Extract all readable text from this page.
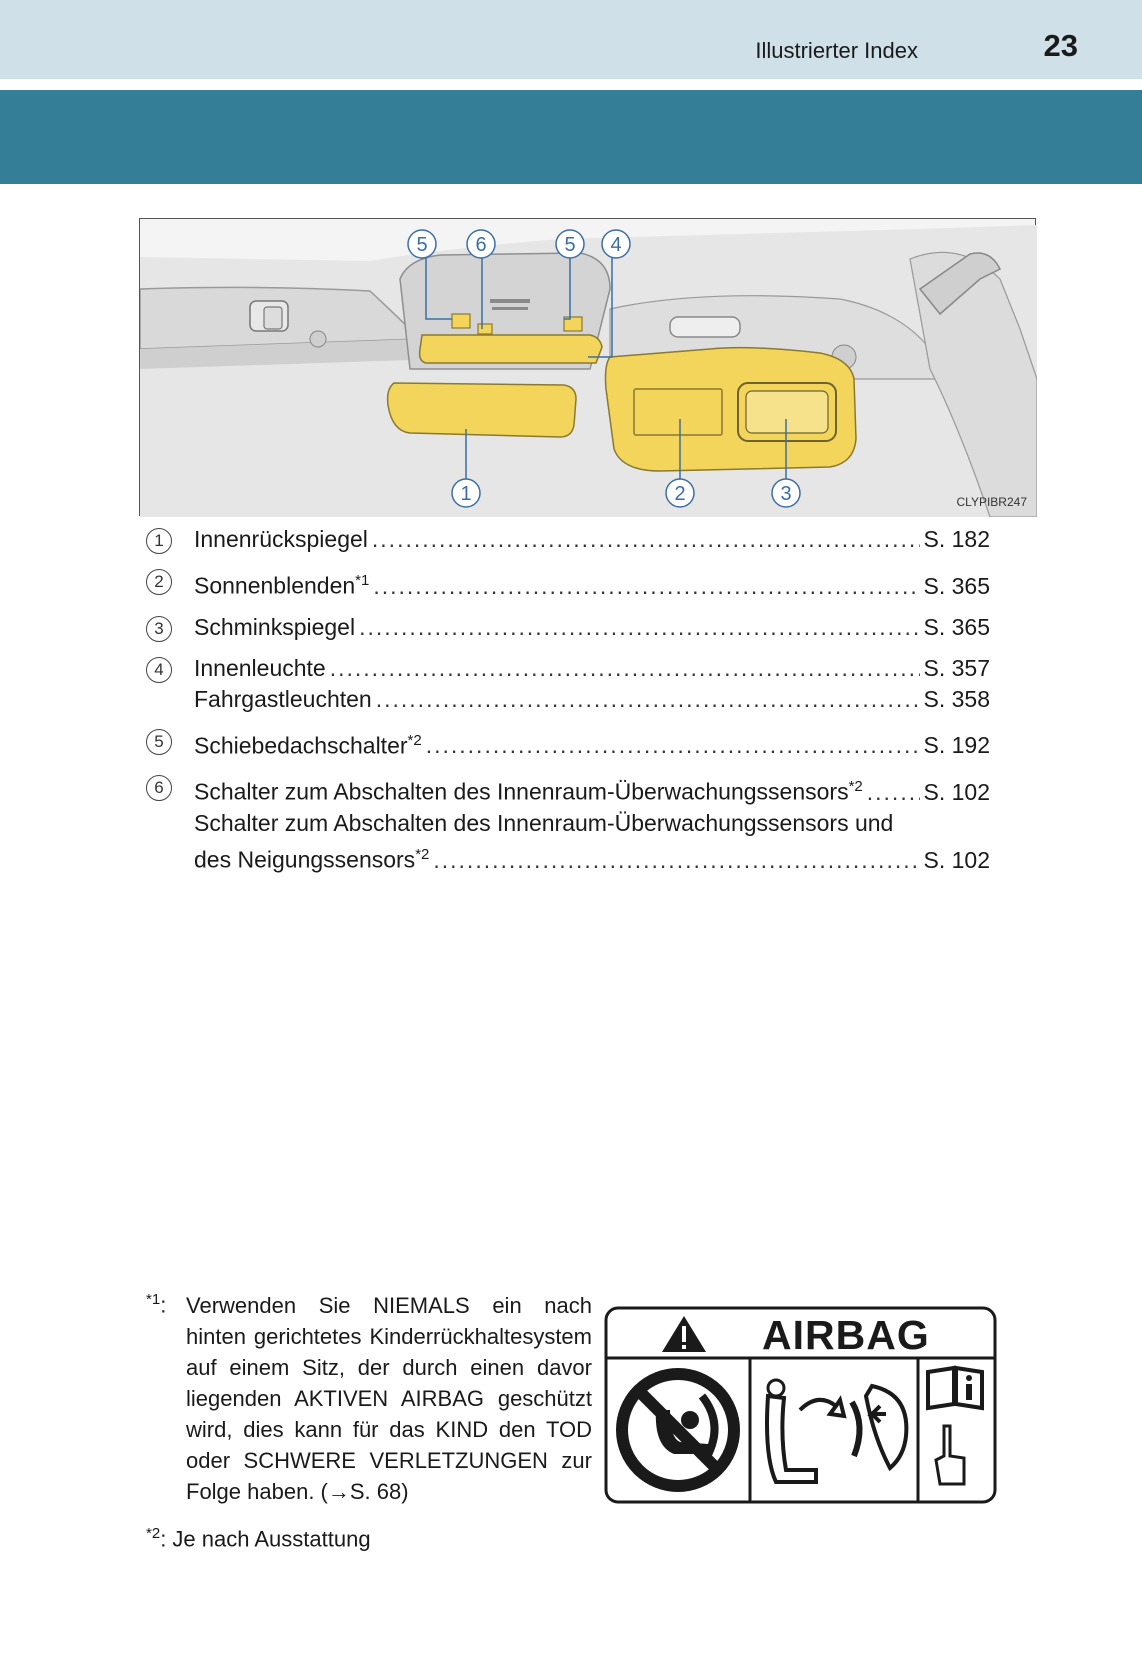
Illustrierter Index	23
5 6	5 4
1	2	3	CLYPIBR247
1	Innenrückspiegel .....	S. 182
2	Sonnenblenden$^{*1}$ .....	S. 365
3	Schminkspiegel .....	S. 365
4	Innenleuchte .....	S. 357
Fahrgastleuchten .....	S. 358
5	Schiebedachschalter$^{*2}$ .....	S. 192
6	Schalter zum Abschalten des Innenraum-Überwachungssensors$^{*2}$ .....	S. 102
Schalter zum Abschalten des Innenraum-Überwachungssensors und
des Neigungssensors$^{*2}$ .....	S. 102
$^{*1}$: Verwenden Sie NIEMALS ein nach hinten gerichtetes Kinderrückhaltesystem auf einem Sitz, der durch einen davor liegenden AKTIVEN AIRBAG geschützt wird, dies kann für das KIND den TOD oder SCHWERE VERLETZUNGEN zur Folge haben. (→S. 68)
AIRBAG
$^{*2}$: Je nach Ausstattung
